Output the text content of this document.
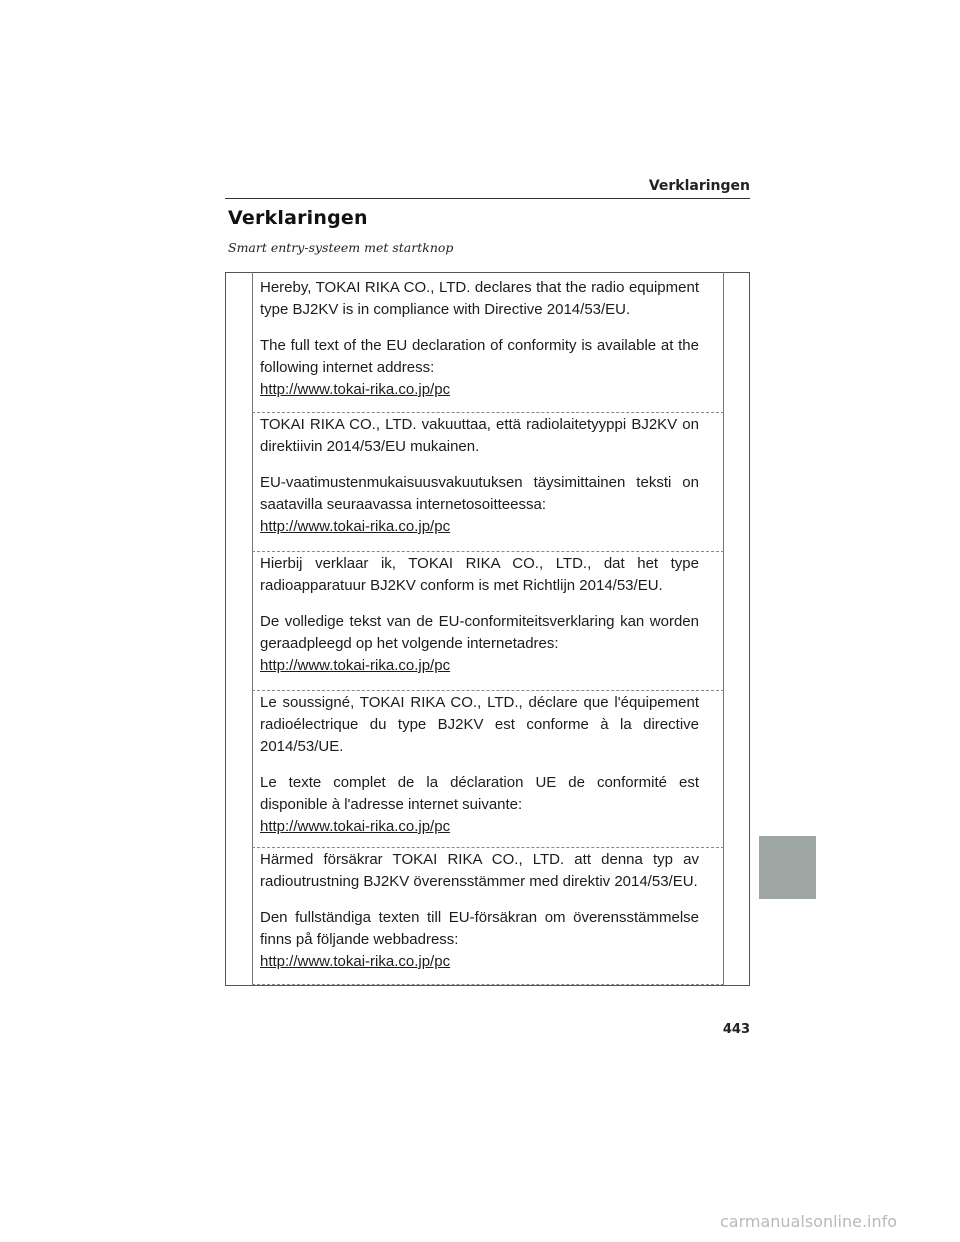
Verklaringen
Verklaringen
Smart entry-systeem met startknop

Hereby, TOKAI RIKA CO., LTD. declares that the radio equipment type BJ2KV is in compliance with Directive 2014/53/EU.

The full text of the EU declaration of conformity is available at the following internet address:

http://www.tokai-rika.co.jp/pc

TOKAI RIKA CO., LTD. vakuuttaa, että radiolaitetyyppi BJ2KV on direktiivin 2014/53/EU mukainen.

EU-vaatimustenmukaisuusvakuutuksen täysimittainen teksti on saatavilla seuraavassa internetosoitteessa:

http://www.tokai-rika.co.jp/pc

Hierbij verklaar ik, TOKAI RIKA CO., LTD., dat het type radioapparatuur BJ2KV conform is met Richtlijn 2014/53/EU.

De volledige tekst van de EU-conformiteitsverklaring kan worden geraadpleegd op het volgende internetadres:

http://www.tokai-rika.co.jp/pc

Le soussigné, TOKAI RIKA CO., LTD., déclare que l'équipement radioélectrique du type BJ2KV est conforme à la directive 2014/53/UE.

Le texte complet de la déclaration UE de conformité est disponible à l'adresse internet suivante:

http://www.tokai-rika.co.jp/pc

Härmed försäkrar TOKAI RIKA CO., LTD. att denna typ av radioutrustning BJ2KV överensstämmer med direktiv 2014/53/EU.

Den fullständiga texten till EU-försäkran om överensstämmelse finns på följande webbadress:

http://www.tokai-rika.co.jp/pc
443
carmanualsonline.info
